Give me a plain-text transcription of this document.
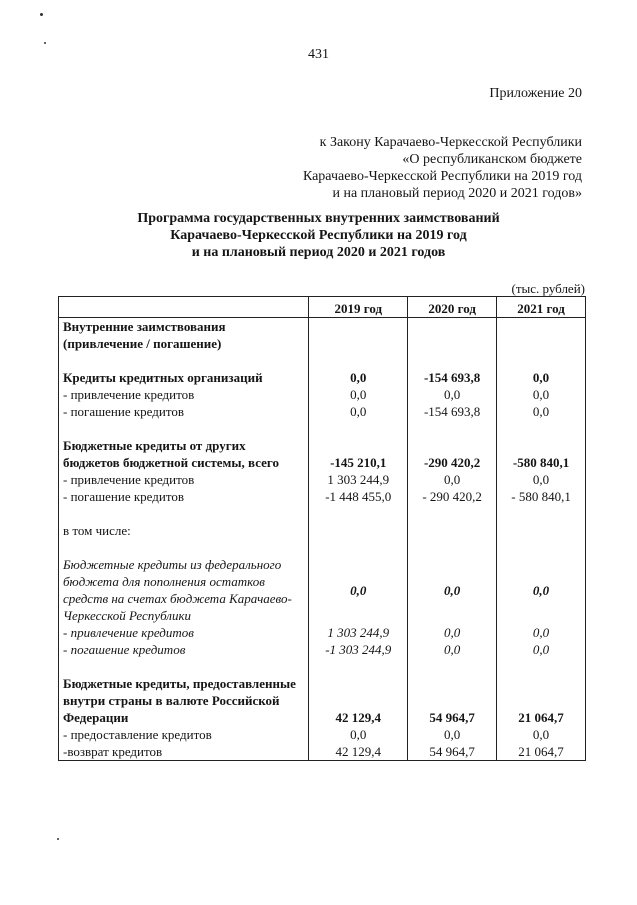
431
Приложение 20
к Закону Карачаево-Черкесской Республики
«О республиканском бюджете
Карачаево-Черкесской Республики на 2019 год
и на плановый период 2020 и 2021 годов»
Программа государственных внутренних заимствований
Карачаево-Черкесской Республики на 2019 год
и на плановый период 2020 и 2021 годов
(тыс. рублей)
	2019 год	2020 год	2021 год
Внутренние заимствования (привлечение / погашение)			

Кредиты кредитных организаций	0,0	-154 693,8	0,0
- привлечение кредитов	0,0	0,0	0,0
- погашение кредитов	0,0	-154 693,8	0,0

Бюджетные кредиты от других бюджетов бюджетной системы, всего	-145 210,1	-290 420,2	-580 840,1
- привлечение кредитов	1 303 244,9	0,0	0,0
- погашение кредитов	-1 448 455,0	- 290 420,2	- 580 840,1

в том числе:			

Бюджетные кредиты из федерального бюджета для пополнения остатков средств на счетах бюджета Карачаево-Черкесской Республики	0,0	0,0	0,0
- привлечение кредитов	1 303 244,9	0,0	0,0
- погашение кредитов	-1 303 244,9	0,0	0,0

Бюджетные кредиты, предоставленные внутри страны в валюте Российской Федерации	42 129,4	54 964,7	21 064,7
- предоставление кредитов	0,0	0,0	0,0
-возврат кредитов	42 129,4	54 964,7	21 064,7
